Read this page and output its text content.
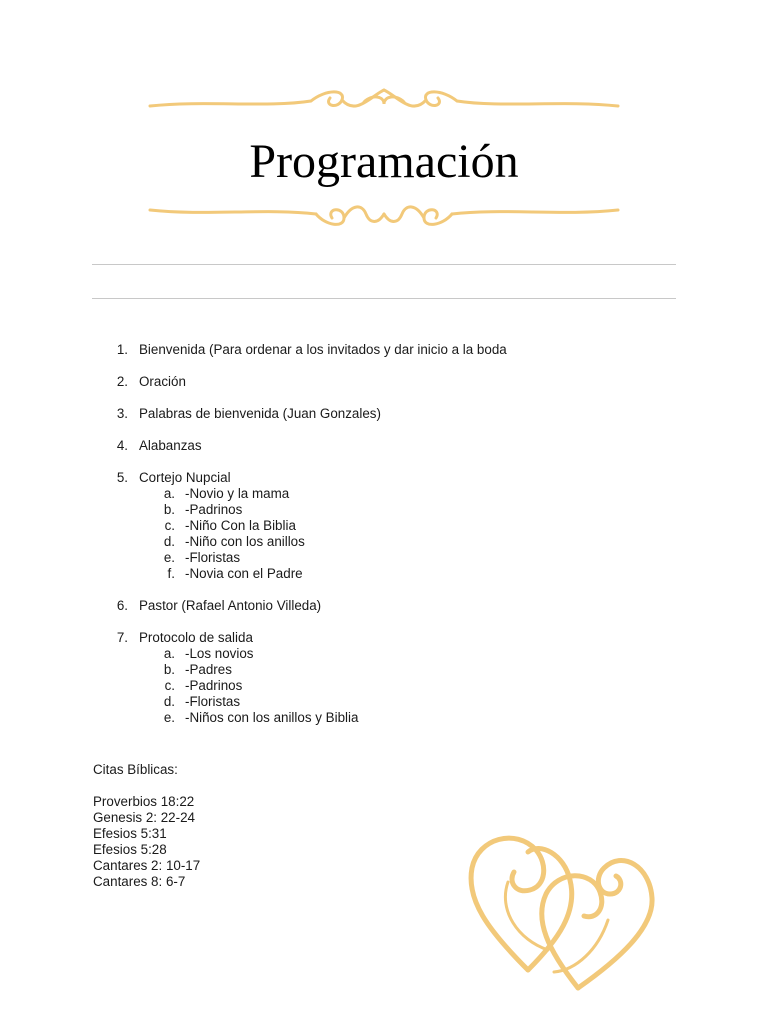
Programación
1. Bienvenida (Para ordenar a los invitados y dar inicio a la boda
2. Oración
3. Palabras de bienvenida (Juan Gonzales)
4. Alabanzas
5. Cortejo Nupcial
a. -Novio y la mama
b. -Padrinos
c. -Niño Con la Biblia
d. -Niño con los anillos
e. -Floristas
f. -Novia con el Padre
6. Pastor (Rafael Antonio Villeda)
7. Protocolo de salida
a. -Los novios
b. -Padres
c. -Padrinos
d. -Floristas
e. -Niños con los anillos y Biblia
Citas Bíblicas:
Proverbios 18:22
Genesis 2: 22-24
Efesios 5:31
Efesios 5:28
Cantares 2: 10-17
Cantares 8: 6-7
